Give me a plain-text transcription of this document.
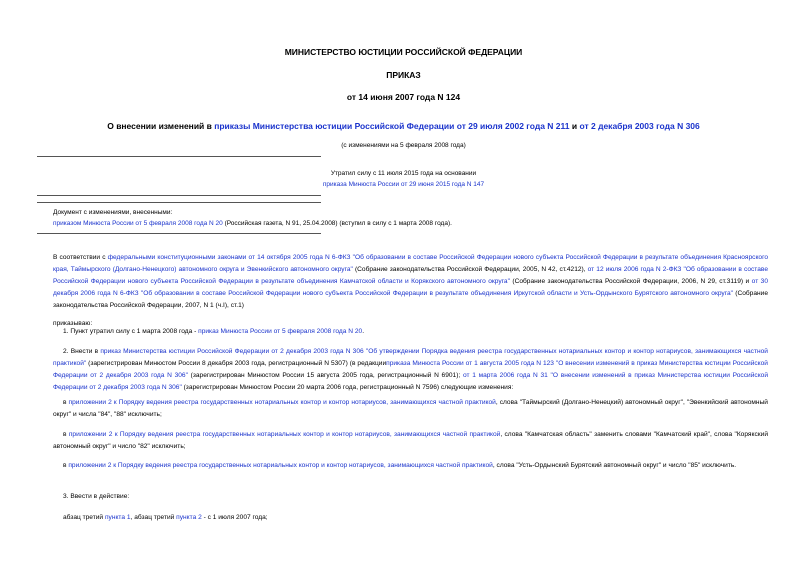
МИНИСТЕРСТВО ЮСТИЦИИ РОССИЙСКОЙ ФЕДЕРАЦИИ
ПРИКАЗ
от 14 июня 2007 года N 124
О внесении изменений в приказы Министерства юстиции Российской Федерации от 29 июля 2002 года N 211 и от 2 декабря 2003 года N 306
(с изменениями на 5 февраля 2008 года)
Утратил силу с 11 июля 2015 года на основании
приказа Минюста России от 29 июня 2015 года N 147
Документ с изменениями, внесенными:
приказом Минюста России от 5 февраля 2008 года N 20 (Российская газета, N 91, 25.04.2008) (вступил в силу с 1 марта 2008 года).
В соответствии с федеральными конституционными законами от 14 октября 2005 года N 6-ФКЗ "Об образовании в составе Российской Федерации нового субъекта Российской Федерации в результате объединения Красноярского края, Таймырского (Долгано-Ненецкого) автономного округа и Эвенкийского автономного округа" (Собрание законодательства Российской Федерации, 2005, N 42, ст.4212), от 12 июля 2006 года N 2-ФКЗ "Об образовании в составе Российской Федерации нового субъекта Российской Федерации в результате объединения Камчатской области и Корякского автономного округа" (Собрание законодательства Российской Федерации, 2006, N 29, ст.3119) и от 30 декабря 2006 года N 6-ФКЗ "Об образовании в составе Российской Федерации нового субъекта Российской Федерации в результате объединения Иркутской области и Усть-Ордынского Бурятского автономного округа" (Собрание законодательства Российской Федерации, 2007, N 1 (ч.I), ст.1)
приказываю:
1. Пункт утратил силу с 1 марта 2008 года - приказ Минюста России от 5 февраля 2008 года N 20.
2. Внести в приказ Министерства юстиции Российской Федерации от 2 декабря 2003 года N 306 "Об утверждении Порядка ведения реестра государственных нотариальных контор и контор нотариусов, занимающихся частной практикой" (зарегистрирован Минюстом России 8 декабря 2003 года, регистрационный N 5307) (в редакцииприказа Минюста России от 1 августа 2005 года N 123 "О внесении изменений в приказ Министерства юстиции Российской Федерации от 2 декабря 2003 года N 306" (зарегистрирован Минюстом России 15 августа 2005 года, регистрационный N 6901); от 1 марта 2006 года N 31 "О внесении изменений в приказ Министерства юстиции Российской Федерации от 2 декабря 2003 года N 306" (зарегистрирован Минюстом России 20 марта 2006 года, регистрационный N 7596) следующие изменения:
в приложении 2 к Порядку ведения реестра государственных нотариальных контор и контор нотариусов, занимающихся частной практикой, слова "Таймырский (Долгано-Ненецкий) автономный округ", "Эвенкийский автономный округ" и числа "84", "88" исключить;
в приложении 2 к Порядку ведения реестра государственных нотариальных контор и контор нотариусов, занимающихся частной практикой, слова "Камчатская область" заменить словами "Камчатский край", слова "Корякский автономный округ" и число "82" исключить;
в приложении 2 к Порядку ведения реестра государственных нотариальных контор и контор нотариусов, занимающихся частной практикой, слова "Усть-Ордынский Бурятский автономный округ" и число "85" исключить.
3. Ввести в действие:
абзац третий пункта 1, абзац третий пункта 2 - с 1 июля 2007 года;
